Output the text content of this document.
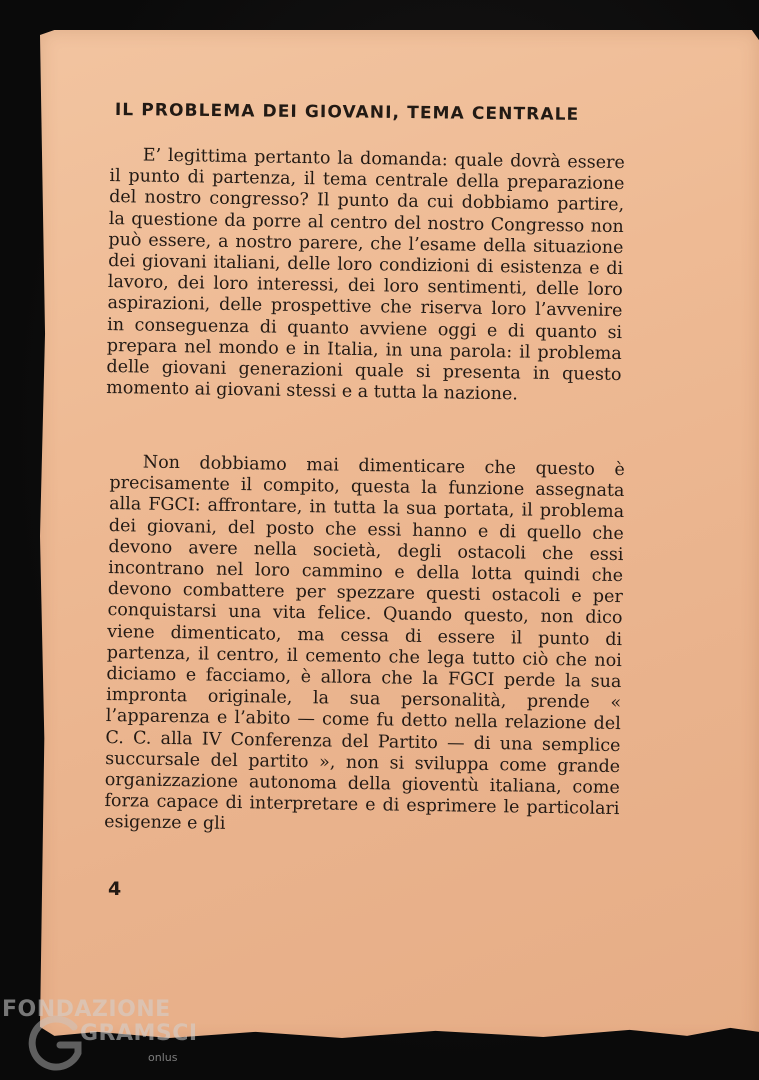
IL PROBLEMA DEI GIOVANI, TEMA CENTRALE

E’ legittima pertanto la domanda: quale dovrà essere il punto di partenza, il tema centrale della preparazione del nostro congresso? Il punto da cui dobbiamo partire, la questione da porre al centro del nostro Congresso non può essere, a nostro parere, che l’esame della situazione dei giovani italiani, delle loro condizioni di esistenza e di lavoro, dei loro interessi, dei loro sentimenti, delle loro aspirazioni, delle prospettive che riserva loro l’avvenire in conseguenza di quanto avviene oggi e di quanto si prepara nel mondo e in Italia, in una parola: il problema delle giovani generazioni quale si presenta in questo momento ai giovani stessi e a tutta la nazione.

Non dobbiamo mai dimenticare che questo è precisamente il compito, questa la funzione assegnata alla FGCI: affrontare, in tutta la sua portata, il problema dei giovani, del posto che essi hanno e di quello che devono avere nella società, degli ostacoli che essi incontrano nel loro cammino e della lotta quindi che devono combattere per spezzare questi ostacoli e per conquistarsi una vita felice. Quando questo, non dico viene dimenticato, ma cessa di essere il punto di partenza, il centro, il cemento che lega tutto ciò che noi diciamo e facciamo, è allora che la FGCI perde la sua impronta originale, la sua personalità, prende « l’apparenza e l’abito — come fu detto nella relazione del C. C. alla IV Conferenza del Partito — di una semplice succursale del partito », non si sviluppa come grande organizzazione autonoma della gioventù italiana, come forza capace di interpretare e di esprimere le particolari esigenze e gli

4
FONDAZIONE
GRAMSCI
onlus
